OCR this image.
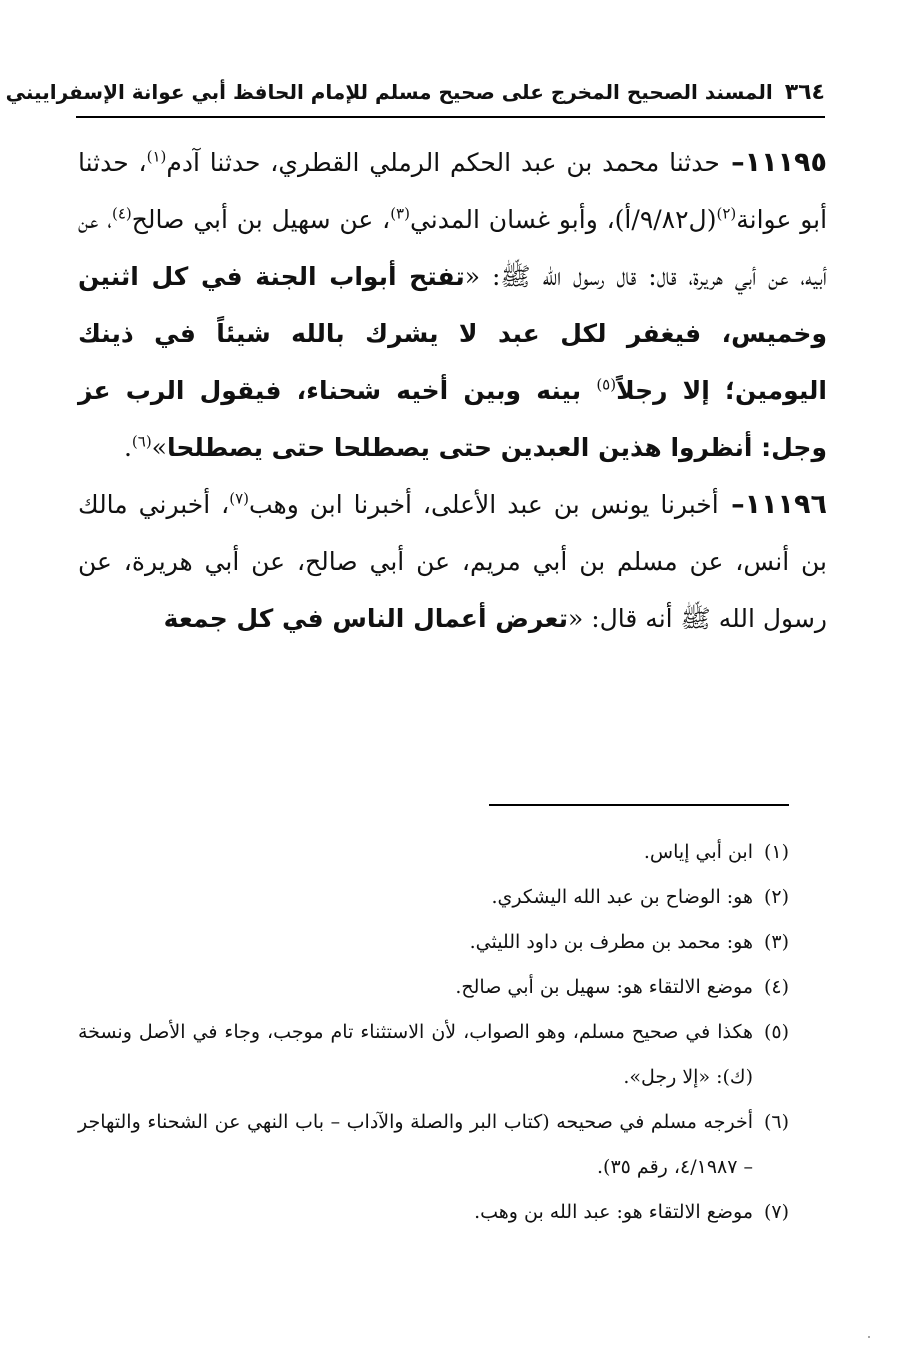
٣٦٤
المسند الصحيح المخرج على صحيح مسلم للإمام الحافظ أبي عوانة الإسفراييني

١١١٩٥– حدثنا محمد بن عبد الحكم الرملي القطري، حدثنا آدم$^{(١)}$، حدثنا أبو عوانة$^{(٢)}$(ل٩/٨٢/أ)، وأبو غسان المدني$^{(٣)}$، عن سهيل بن أبي صالح$^{(٤)}$، عن أبيه، عن أبي هريرة، قال: قال رسول الله ﷺ: «تفتح أبواب الجنة في كل اثنين وخميس، فيغفر لكل عبد لا يشرك بالله شيئاً في ذينك اليومين؛ إلا رجلاً$^{(٥)}$ بينه وبين أخيه شحناء، فيقول الرب عز وجل: أنظروا هذين العبدين حتى يصطلحا حتى يصطلحا»$^{(٦)}$.

١١١٩٦– أخبرنا يونس بن عبد الأعلى، أخبرنا ابن وهب$^{(٧)}$، أخبرني مالك بن أنس، عن مسلم بن أبي مريم، عن أبي صالح، عن أبي هريرة، عن رسول الله ﷺ أنه قال: «تعرض أعمال الناس في كل جمعة

(١)ابن أبي إياس.

(٢)هو: الوضاح بن عبد الله اليشكري.

(٣)هو: محمد بن مطرف بن داود الليثي.

(٤)موضع الالتقاء هو: سهيل بن أبي صالح.

(٥)هكذا في صحيح مسلم، وهو الصواب، لأن الاستثناء تام موجب، وجاء في الأصل ونسخة (ك): «إلا رجل».

(٦)أخرجه مسلم في صحيحه (كتاب البر والصلة والآداب – باب النهي عن الشحناء والتهاجر – ٤/١٩٨٧، رقم ٣٥).

(٧)موضع الالتقاء هو: عبد الله بن وهب.
